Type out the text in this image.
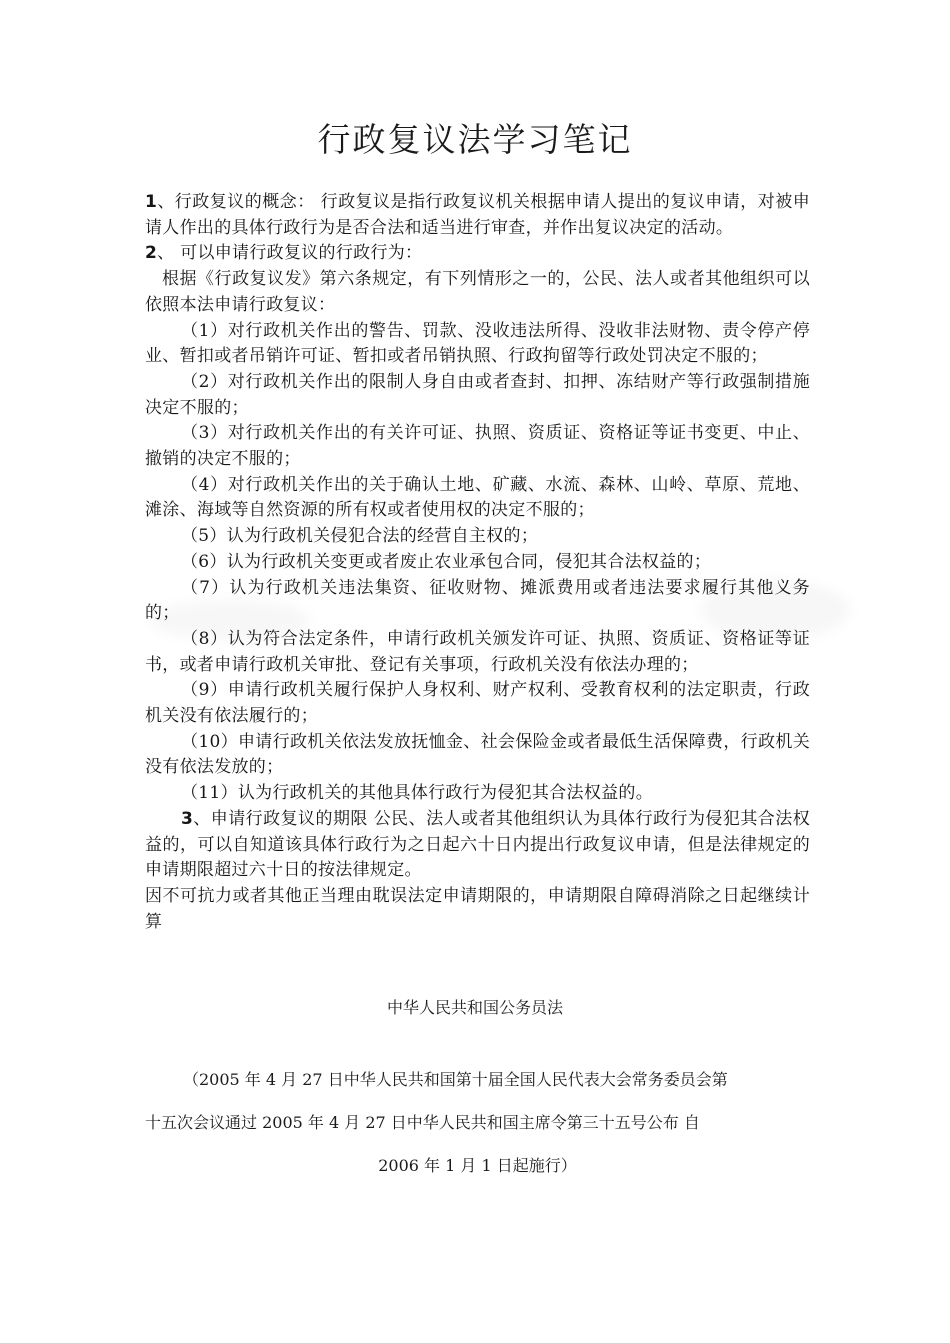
行政复议法学习笔记

1、行政复议的概念： 行政复议是指行政复议机关根据申请人提出的复议申请，对被申请人作出的具体行政行为是否合法和适当进行审查，并作出复议决定的活动。

2、 可以申请行政复议的行政行为：

根据《行政复议发》第六条规定，有下列情形之一的，公民、法人或者其他组织可以依照本法申请行政复议：

（1）对行政机关作出的警告、罚款、没收违法所得、没收非法财物、责令停产停业、暂扣或者吊销许可证、暂扣或者吊销执照、行政拘留等行政处罚决定不服的；

（2）对行政机关作出的限制人身自由或者查封、扣押、冻结财产等行政强制措施决定不服的；

（3）对行政机关作出的有关许可证、执照、资质证、资格证等证书变更、中止、撤销的决定不服的；

（4）对行政机关作出的关于确认土地、矿藏、水流、森林、山岭、草原、荒地、滩涂、海域等自然资源的所有权或者使用权的决定不服的；

（5）认为行政机关侵犯合法的经营自主权的；

（6）认为行政机关变更或者废止农业承包合同，侵犯其合法权益的；

（7）认为行政机关违法集资、征收财物、摊派费用或者违法要求履行其他义务的；

（8）认为符合法定条件，申请行政机关颁发许可证、执照、资质证、资格证等证书，或者申请行政机关审批、登记有关事项，行政机关没有依法办理的；

（9）申请行政机关履行保护人身权利、财产权利、受教育权利的法定职责，行政机关没有依法履行的；

（10）申请行政机关依法发放抚恤金、社会保险金或者最低生活保障费，行政机关没有依法发放的；

（11）认为行政机关的其他具体行政行为侵犯其合法权益的。

3、申请行政复议的期限 公民、法人或者其他组织认为具体行政行为侵犯其合法权益的，可以自知道该具体行政行为之日起六十日内提出行政复议申请，但是法律规定的申请期限超过六十日的按法律规定。

因不可抗力或者其他正当理由耽误法定申请期限的，申请期限自障碍消除之日起继续计算

中华人民共和国公务员法
（2005 年 4 月 27 日中华人民共和国第十届全国人民代表大会常务委员会第
十五次会议通过 2005 年 4 月 27 日中华人民共和国主席令第三十五号公布 自
2006 年 1 月 1 日起施行）
